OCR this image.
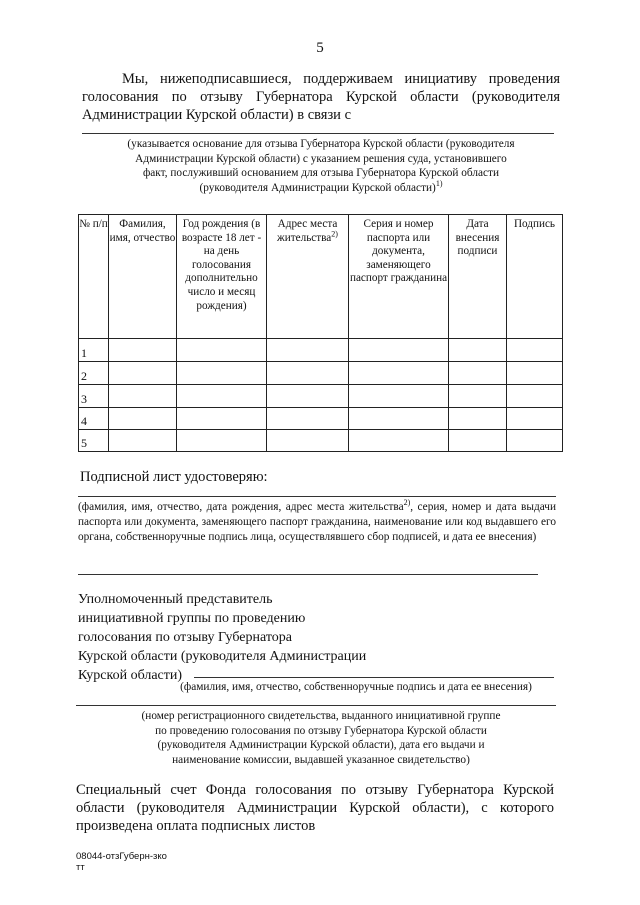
5
Мы, нижеподписавшиеся, поддерживаем инициативу проведения голосования по отзыву Губернатора Курской области (руководителя Администрации Курской области) в связи с
(указывается основание для отзыва Губернатора Курской области (руководителя
Администрации Курской области) с указанием решения суда, установившего
факт, послуживший основанием для отзыва Губернатора Курской области
(руководителя Администрации Курской области)$^{1)}$
№ п/п	Фамилия, имя, отчество	Год рождения (в возрасте 18 лет - на день голосования дополнительно число и месяц рождения)	Адрес места жительства$^{2)}$	Серия и номер паспорта или документа, заменяющего паспорт гражданина	Дата внесения подписи	Подпись
1						
2						
3						
4						
5						
Подписной лист удостоверяю:
(фамилия, имя, отчество, дата рождения, адрес места жительства$^{2)}$, серия, номер и дата выдачи паспорта или документа, заменяющего паспорт гражданина, наименование или код выдавшего его органа, собственноручные подпись лица, осуществлявшего сбор подписей, и дата ее внесения)
Уполномоченный представитель
инициативной группы по проведению
голосования по отзыву Губернатора
Курской области (руководителя Администрации
Курской области)
(фамилия, имя, отчество, собственноручные подпись и дата ее внесения)
(номер регистрационного свидетельства, выданного инициативной группе
по проведению голосования по отзыву Губернатора Курской области
(руководителя Администрации Курской области), дата его выдачи и
наименование комиссии, выдавшей указанное свидетельство)
Специальный счет Фонда голосования по отзыву Губернатора Курской области (руководителя Администрации Курской области), с которого произведена оплата подписных листов
08044-отзГуберн-зко
тт
